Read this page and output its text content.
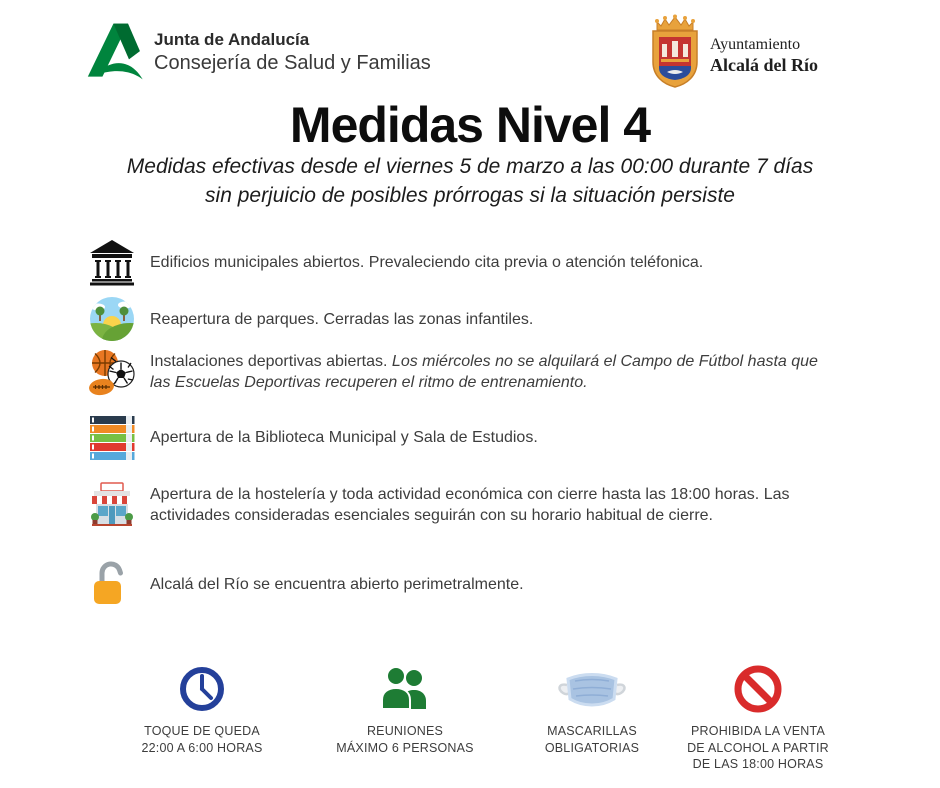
Junta de Andalucía
Consejería de Salud y Familias
Ayuntamiento
Alcalá del Río
Medidas Nivel 4
Medidas efectivas desde el viernes 5 de marzo a las 00:00 durante 7 días
sin perjuicio de posibles prórrogas si la situación persiste

Edificios municipales abiertos. Prevaleciendo cita previa o atención teléfonica.

Reapertura de parques. Cerradas las zonas infantiles.

Instalaciones deportivas abiertas. Los miércoles no se alquilará el Campo de Fútbol hasta que las Escuelas Deportivas recuperen el ritmo de entrenamiento.

Apertura de la Biblioteca Municipal y Sala de Estudios.

Apertura de la hostelería y toda actividad económica con cierre hasta las 18:00 horas. Las actividades consideradas esenciales seguirán con su horario habitual de cierre.

Alcalá del Río se encuentra abierto perimetralmente.

TOQUE DE QUEDA
22:00 A 6:00 HORAS
REUNIONES
MÁXIMO 6 PERSONAS
MASCARILLAS
OBLIGATORIAS
PROHIBIDA LA VENTA
DE ALCOHOL A PARTIR
DE LAS 18:00 HORAS
